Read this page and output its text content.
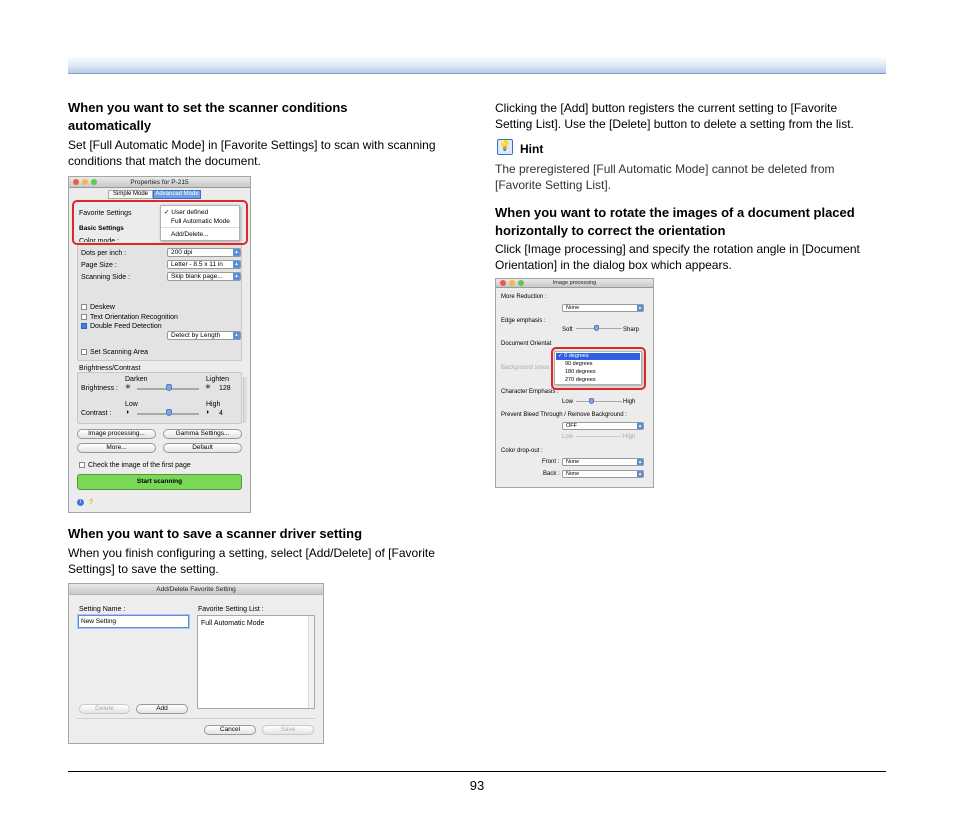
When you want to set the scanner conditions
automatically
Set [Full Automatic Mode] in [Favorite Settings] to scan with scanning
conditions that match the document.
Properties for P-215
Simple Mode	Advanced Mode
Favorite Settings
Basic Settings
Color mode :
Dots per inch :	200 dpi	▴
Page Size :	Letter - 8.5 x 11 in	▴
Scanning Side :	Skip blank page...	▴
Deskew
Text Orientation Recognition
Double Feed Detection
Detect by Length	▴
Set Scanning Area
Brightness/Contrast
Darken	Lighten
Brightness : ✳	✳ 128
Low	High
Contrast : ◑	◑ 4
Image processing...	Gamma Settings...
More...	Default
Check the image of the first page
Start scanning
i	?
✓ User defined
Full Automatic Mode
Add/Delete...
When you want to save a scanner driver setting
When you finish configuring a setting, select [Add/Delete] of [Favorite
Settings] to save the setting.
Add/Delete Favorite Setting
Setting Name :
New Setting
Favorite Setting List :
Full Automatic Mode
Delete	Add
Cancel	Save
Clicking the [Add] button registers the current setting to [Favorite
Setting List]. Use the [Delete] button to delete a setting from the list.
💡 Hint
The preregistered [Full Automatic Mode] cannot be deleted from
[Favorite Setting List].
When you want to rotate the images of a document placed
horizontally to correct the orientation
Click [Image processing] and specify the rotation angle in [Document
Orientation] in the dialog box which appears.
Image processing
More Reduction :
None	▴
Edge emphasis :
Soft	Sharp
Document Orientat
Background smoo
Character Emphasis :
Low	High
Prevent Bleed Through / Remove Background :
OFF	▴
Low	High
Color drop-out :
Front :	None	▴
Back :	None	▴
✓ 0 degrees
90 degrees
180 degrees
270 degrees
93
